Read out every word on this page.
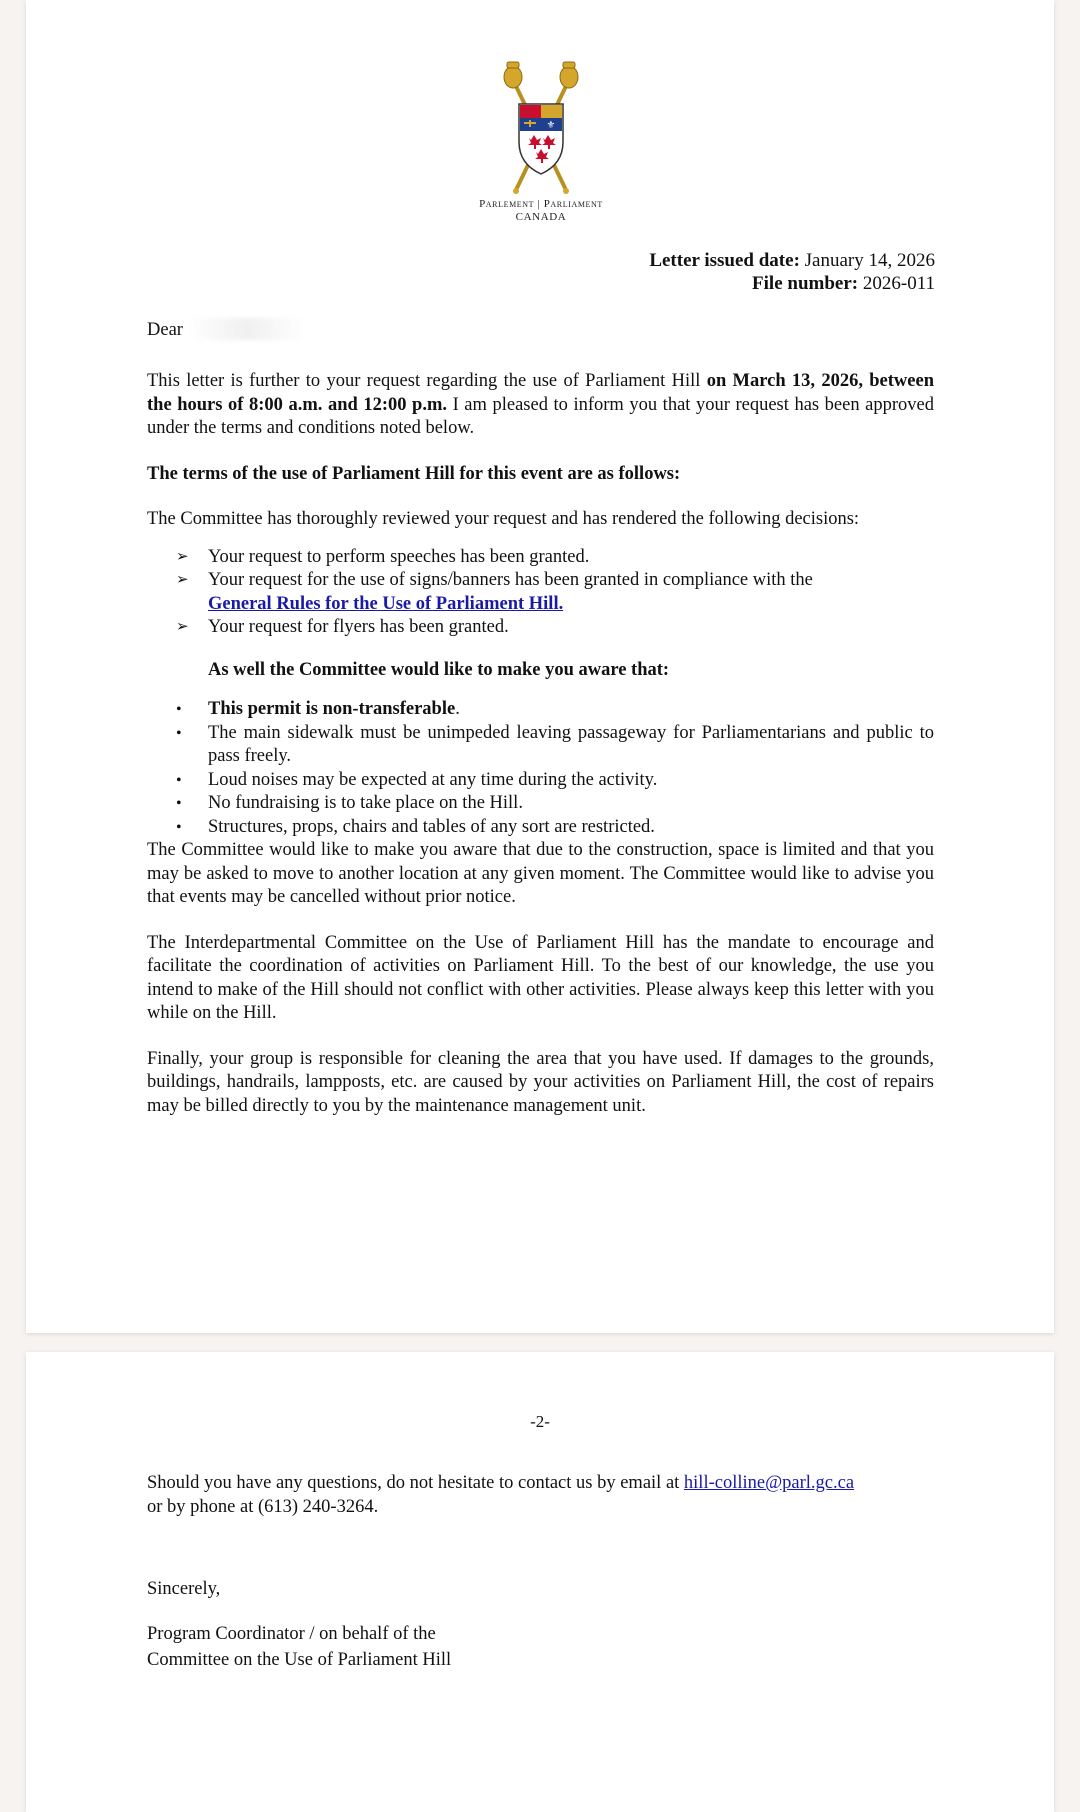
⚜
Parlement | Parliament
CANADA
Letter issued date: January 14, 2026
File number: 2026-011
Dear

This letter is further to your request regarding the use of Parliament Hill on March 13, 2026, between the hours of 8:00 a.m. and 12:00 p.m. I am pleased to inform you that your request has been approved under the terms and conditions noted below.

The terms of the use of Parliament Hill for this event are as follows:

The Committee has thoroughly reviewed your request and has rendered the following decisions:

➢ Your request to perform speeches has been granted.
➢ Your request for the use of signs/banners has been granted in compliance with the
General Rules for the Use of Parliament Hill.
➢ Your request for flyers has been granted.

As well the Committee would like to make you aware that:

• This permit is non-transferable.
• The main sidewalk must be unimpeded leaving passageway for Parliamentarians and public to pass freely.
• Loud noises may be expected at any time during the activity.
• No fundraising is to take place on the Hill.
• Structures, props, chairs and tables of any sort are restricted.

The Committee would like to make you aware that due to the construction, space is limited and that you may be asked to move to another location at any given moment. The Committee would like to advise you that events may be cancelled without prior notice.

The Interdepartmental Committee on the Use of Parliament Hill has the mandate to encourage and facilitate the coordination of activities on Parliament Hill. To the best of our knowledge, the use you intend to make of the Hill should not conflict with other activities. Please always keep this letter with you while on the Hill.

Finally, your group is responsible for cleaning the area that you have used. If damages to the grounds, buildings, handrails, lampposts, etc. are caused by your activities on Parliament Hill, the cost of repairs may be billed directly to you by the maintenance management unit.

-2-

Should you have any questions, do not hesitate to contact us by email at hill-colline@parl.gc.ca
or by phone at (613) 240-3264.

Sincerely,

Program Coordinator / on behalf of the

Committee on the Use of Parliament Hill
